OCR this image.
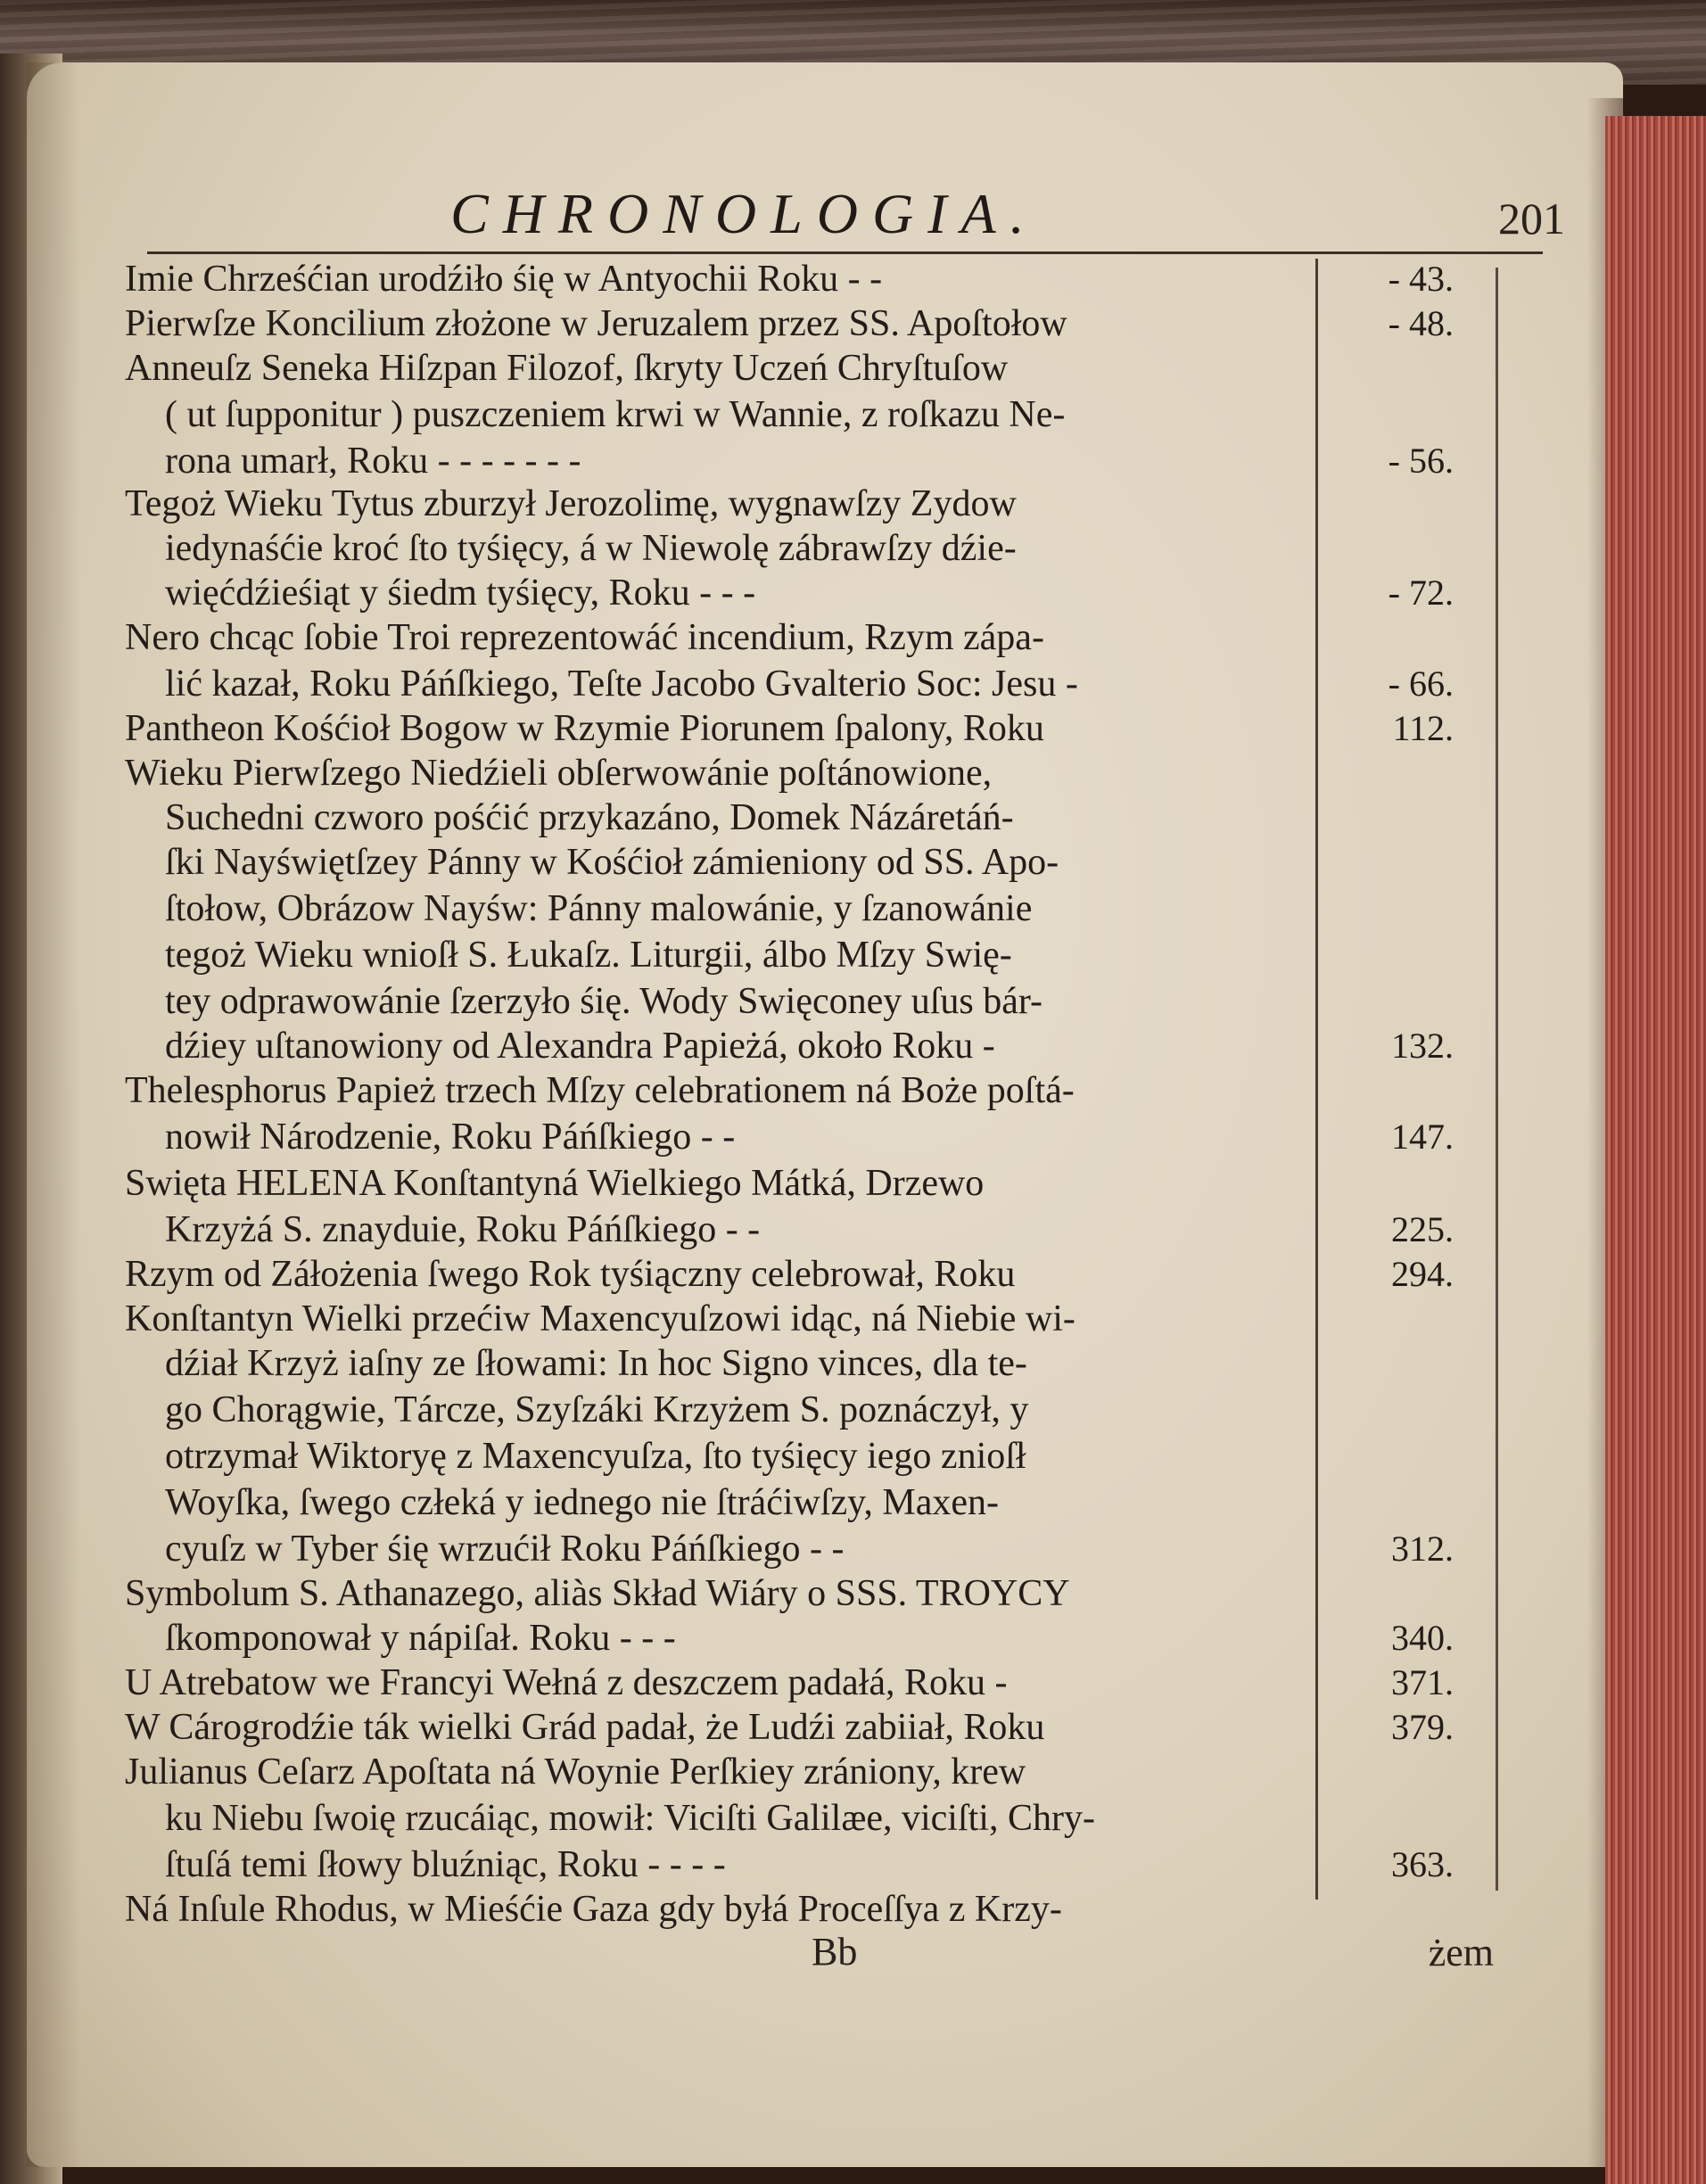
CHRONOLOGIA.	201
Imie Chrześćian urodźiło śię w Antyochii Roku - -
Pierwſze Koncilium złożone w Jeruzalem przez SS. Apoſtołow
Anneuſz Seneka Hiſzpan Filozof, ſkryty Uczeń Chryſtuſow
( ut ſupponitur ) puszczeniem krwi w Wannie, z roſkazu Ne-
rona umarł, Roku - - - - - - -
Tegoż Wieku Tytus zburzył Jerozolimę, wygnawſzy Zydow
iedynaśćie kroć ſto tyśięcy, á w Niewolę zábrawſzy dźie-
więćdźieśiąt y śiedm tyśięcy, Roku - - -
Nero chcąc ſobie Troi reprezentowáć incendium, Rzym zápa-
lić kazał, Roku Páńſkiego, Teſte Jacobo Gvalterio Soc: Jesu -
Pantheon Kośćioł Bogow w Rzymie Piorunem ſpalony, Roku
Wieku Pierwſzego Niedźieli obſerwowánie poſtánowione,
Suchedni czworo pośćić przykazáno, Domek Názáretáń-
ſki Nayświętſzey Pánny w Kośćioł zámieniony od SS. Apo-
ſtołow, Obrázow Nayśw: Pánny malowánie, y ſzanowánie
tegoż Wieku wnioſł S. Łukaſz. Liturgii, álbo Mſzy Swię-
tey odprawowánie ſzerzyło śię. Wody Swięconey uſus bár-
dźiey uſtanowiony od Alexandra Papieżá, około Roku -
Thelesphorus Papież trzech Mſzy celebrationem ná Boże poſtá-
nowił Národzenie, Roku Páńſkiego - -
Swięta HELENA Konſtantyná Wielkiego Mátká, Drzewo
Krzyżá S. znayduie, Roku Páńſkiego - -
Rzym od Záłożenia ſwego Rok tyśiączny celebrował, Roku
Konſtantyn Wielki przećiw Maxencyuſzowi idąc, ná Niebie wi-
dźiał Krzyż iaſny ze ſłowami: In hoc Signo vinces, dla te-
go Chorągwie, Tárcze, Szyſzáki Krzyżem S. poznáczył, y
otrzymał Wiktoryę z Maxencyuſza, ſto tyśięcy iego znioſł
Woyſka, ſwego człeká y iednego nie ſtráćiwſzy, Maxen-
cyuſz w Tyber śię wrzućił Roku Páńſkiego - -
Symbolum S. Athanazego, aliàs Skład Wiáry o SSS. TROYCY
ſkomponował y nápiſał. Roku - - -
U Atrebatow we Francyi Wełná z deszczem padałá, Roku -
W Cárogrodźie ták wielki Grád padał, że Ludźi zabiiał, Roku
Julianus Ceſarz Apoſtata ná Woynie Perſkiey zrániony, krew
ku Niebu ſwoię rzucáiąc, mowił: Viciſti Galilæe, viciſti, Chry-
ſtuſá temi ſłowy bluźniąc, Roku - - - -
Ná Inſule Rhodus, w Mieśćie Gaza gdy byłá Proceſſya z Krzy-
- 43.
- 48.
- 56.
- 72.
- 66.
112.
132.
147.
225.
294.
312.
340.
371.
379.
363.
Bb	żem
